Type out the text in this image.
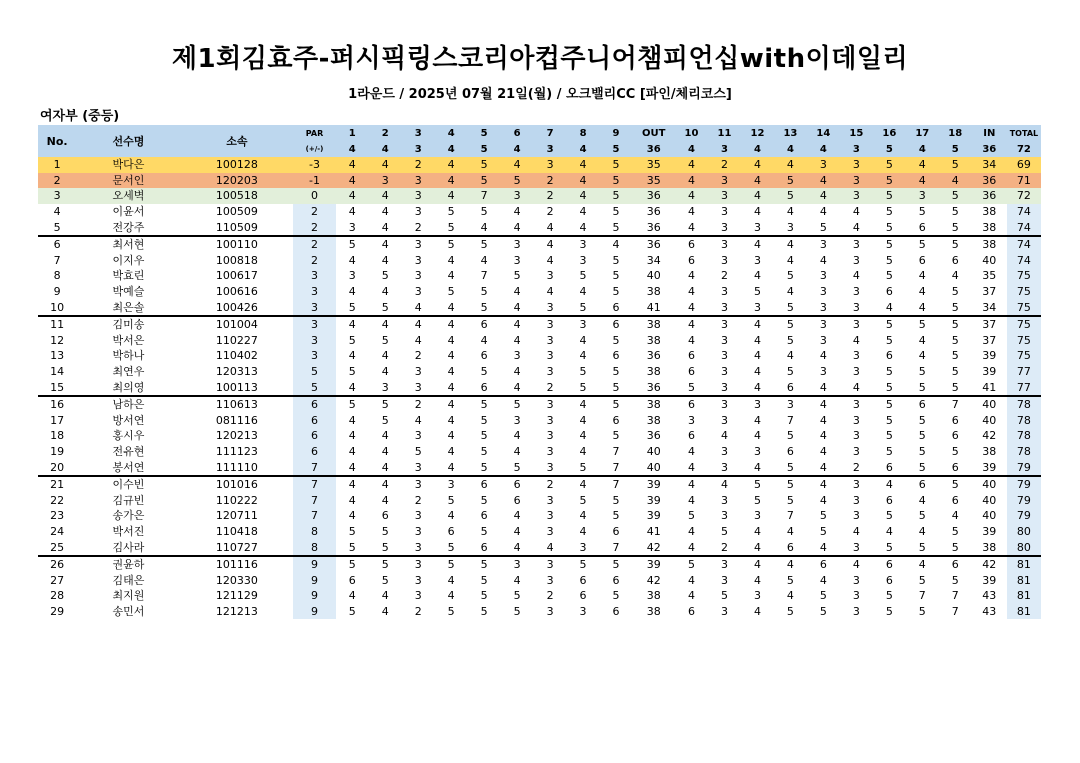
제1회김효주-퍼시픽링스코리아컵주니어챔피언십with이데일리
1라운드 / 2025년 07월 21일(월) / 오크밸리CC [파인/체리코스]
여자부 (중등)
No.	선수명	소속	PAR	1	2	3	4	5	6	7	8	9	OUT	10	11	12	13	14	15	16	17	18	IN	TOTAL
			(+/-)	4	4	3	4	5	4	3	4	5	36	4	3	4	4	4	3	5	4	5	36	72
1	박다은	100128	-3	4	4	2	4	5	4	3	4	5	35	4	2	4	4	3	3	5	4	5	34	69
2	문서인	120203	-1	4	3	3	4	5	5	2	4	5	35	4	3	4	5	4	3	5	4	4	36	71
3	오세벽	100518	0	4	4	3	4	7	3	2	4	5	36	4	3	4	5	4	3	5	3	5	36	72
4	이윤서	100509	2	4	4	3	5	5	4	2	4	5	36	4	3	4	4	4	4	5	5	5	38	74
5	전강주	110509	2	3	4	2	5	4	4	4	4	5	36	4	3	3	3	5	4	5	6	5	38	74
6	최서현	100110	2	5	4	3	5	5	3	4	3	4	36	6	3	4	4	3	3	5	5	5	38	74
7	이지우	100818	2	4	4	3	4	4	3	4	3	5	34	6	3	3	4	4	3	5	6	6	40	74
8	박효린	100617	3	3	5	3	4	7	5	3	5	5	40	4	2	4	5	3	4	5	4	4	35	75
9	박예슬	100616	3	4	4	3	5	5	4	4	4	5	38	4	3	5	4	3	3	6	4	5	37	75
10	최은솔	100426	3	5	5	4	4	5	4	3	5	6	41	4	3	3	5	3	3	4	4	5	34	75
11	김미송	101004	3	4	4	4	4	6	4	3	3	6	38	4	3	4	5	3	3	5	5	5	37	75
12	박서은	110227	3	5	5	4	4	4	4	3	4	5	38	4	3	4	5	3	4	5	4	5	37	75
13	박하나	110402	3	4	4	2	4	6	3	3	4	6	36	6	3	4	4	4	3	6	4	5	39	75
14	최연우	120313	5	5	4	3	4	5	4	3	5	5	38	6	3	4	5	3	3	5	5	5	39	77
15	최의영	100113	5	4	3	3	4	6	4	2	5	5	36	5	3	4	6	4	4	5	5	5	41	77
16	남하은	110613	6	5	5	2	4	5	5	3	4	5	38	6	3	3	3	4	3	5	6	7	40	78
17	방서연	081116	6	4	5	4	4	5	3	3	4	6	38	3	3	4	7	4	3	5	5	6	40	78
18	홍시우	120213	6	4	4	3	4	5	4	3	4	5	36	6	4	4	5	4	3	5	5	6	42	78
19	전유현	111123	6	4	4	5	4	5	4	3	4	7	40	4	3	3	6	4	3	5	5	5	38	78
20	봉서연	111110	7	4	4	3	4	5	5	3	5	7	40	4	3	4	5	4	2	6	5	6	39	79
21	이수빈	101016	7	4	4	3	3	6	6	2	4	7	39	4	4	5	5	4	3	4	6	5	40	79
22	김규빈	110222	7	4	4	2	5	5	6	3	5	5	39	4	3	5	5	4	3	6	4	6	40	79
23	송가은	120711	7	4	6	3	4	6	4	3	4	5	39	5	3	3	7	5	3	5	5	4	40	79
24	박서진	110418	8	5	5	3	6	5	4	3	4	6	41	4	5	4	4	5	4	4	4	5	39	80
25	김사라	110727	8	5	5	3	5	6	4	4	3	7	42	4	2	4	6	4	3	5	5	5	38	80
26	권윤하	101116	9	5	5	3	5	5	3	3	5	5	39	5	3	4	4	6	4	6	4	6	42	81
27	김태은	120330	9	6	5	3	4	5	4	3	6	6	42	4	3	4	5	4	3	6	5	5	39	81
28	최지원	121129	9	4	4	3	4	5	5	2	6	5	38	4	5	3	4	5	3	5	7	7	43	81
29	송민서	121213	9	5	4	2	5	5	5	3	3	6	38	6	3	4	5	5	3	5	5	7	43	81
